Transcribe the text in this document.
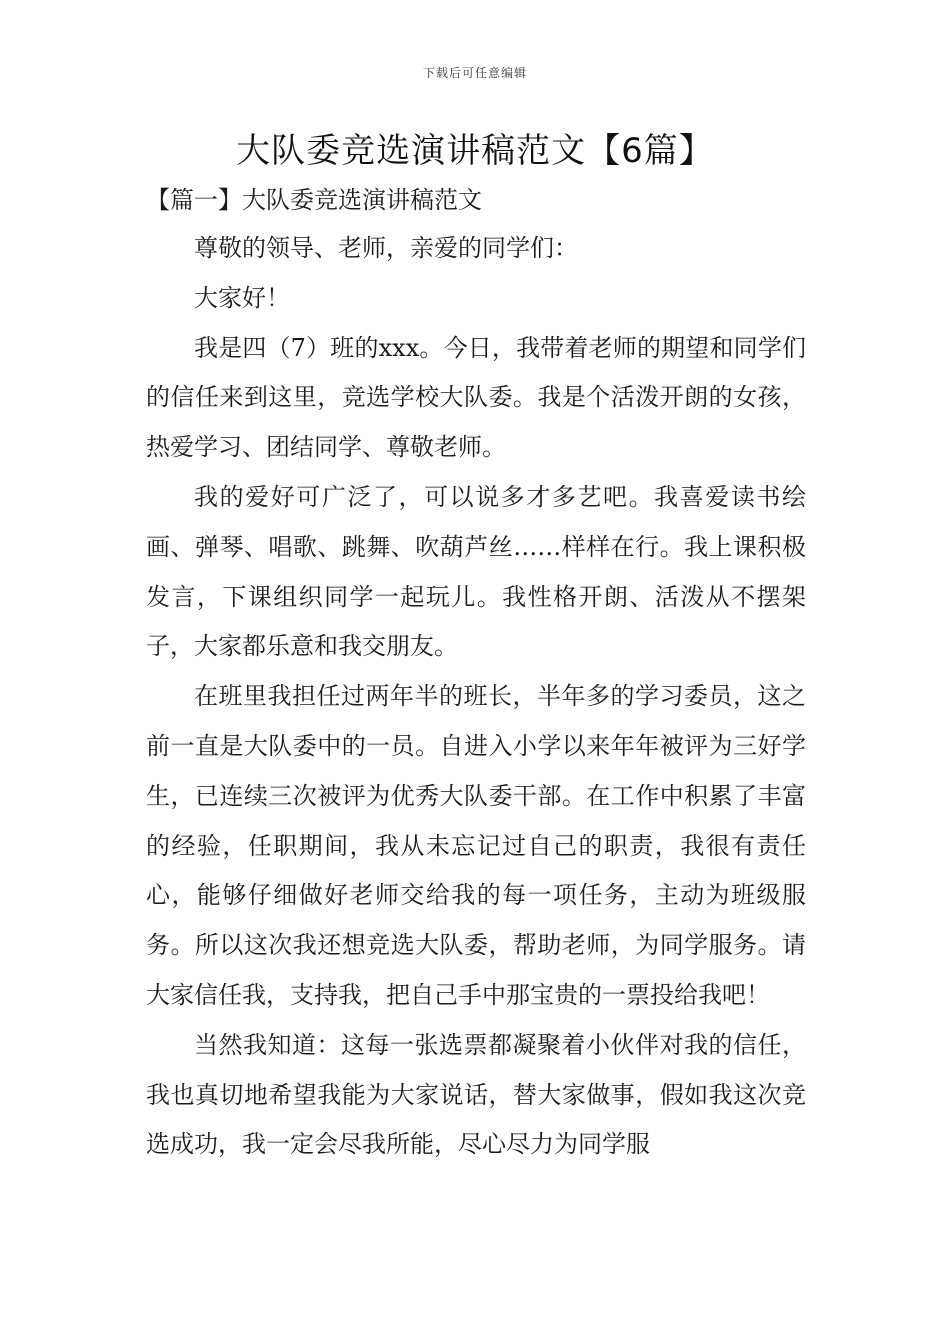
下载后可任意编辑
大队委竞选演讲稿范文【6篇】
【篇一】大队委竞选演讲稿范文

尊敬的领导、老师，亲爱的同学们：

大家好！

我是四（7）班的xxx。今日，我带着老师的期望和同学们的信任来到这里，竞选学校大队委。我是个活泼开朗的女孩，热爱学习、团结同学、尊敬老师。

我的爱好可广泛了，可以说多才多艺吧。我喜爱读书绘画、弹琴、唱歌、跳舞、吹葫芦丝……样样在行。我上课积极发言，下课组织同学一起玩儿。我性格开朗、活泼从不摆架子，大家都乐意和我交朋友。

在班里我担任过两年半的班长，半年多的学习委员，这之前一直是大队委中的一员。自进入小学以来年年被评为三好学生，已连续三次被评为优秀大队委干部。在工作中积累了丰富的经验，任职期间，我从未忘记过自己的职责，我很有责任心，能够仔细做好老师交给我的每一项任务，主动为班级服务。所以这次我还想竞选大队委，帮助老师，为同学服务。请大家信任我，支持我，把自己手中那宝贵的一票投给我吧！

当然我知道：这每一张选票都凝聚着小伙伴对我的信任，我也真切地希望我能为大家说话，替大家做事，假如我这次竞选成功，我一定会尽我所能，尽心尽力为同学服
